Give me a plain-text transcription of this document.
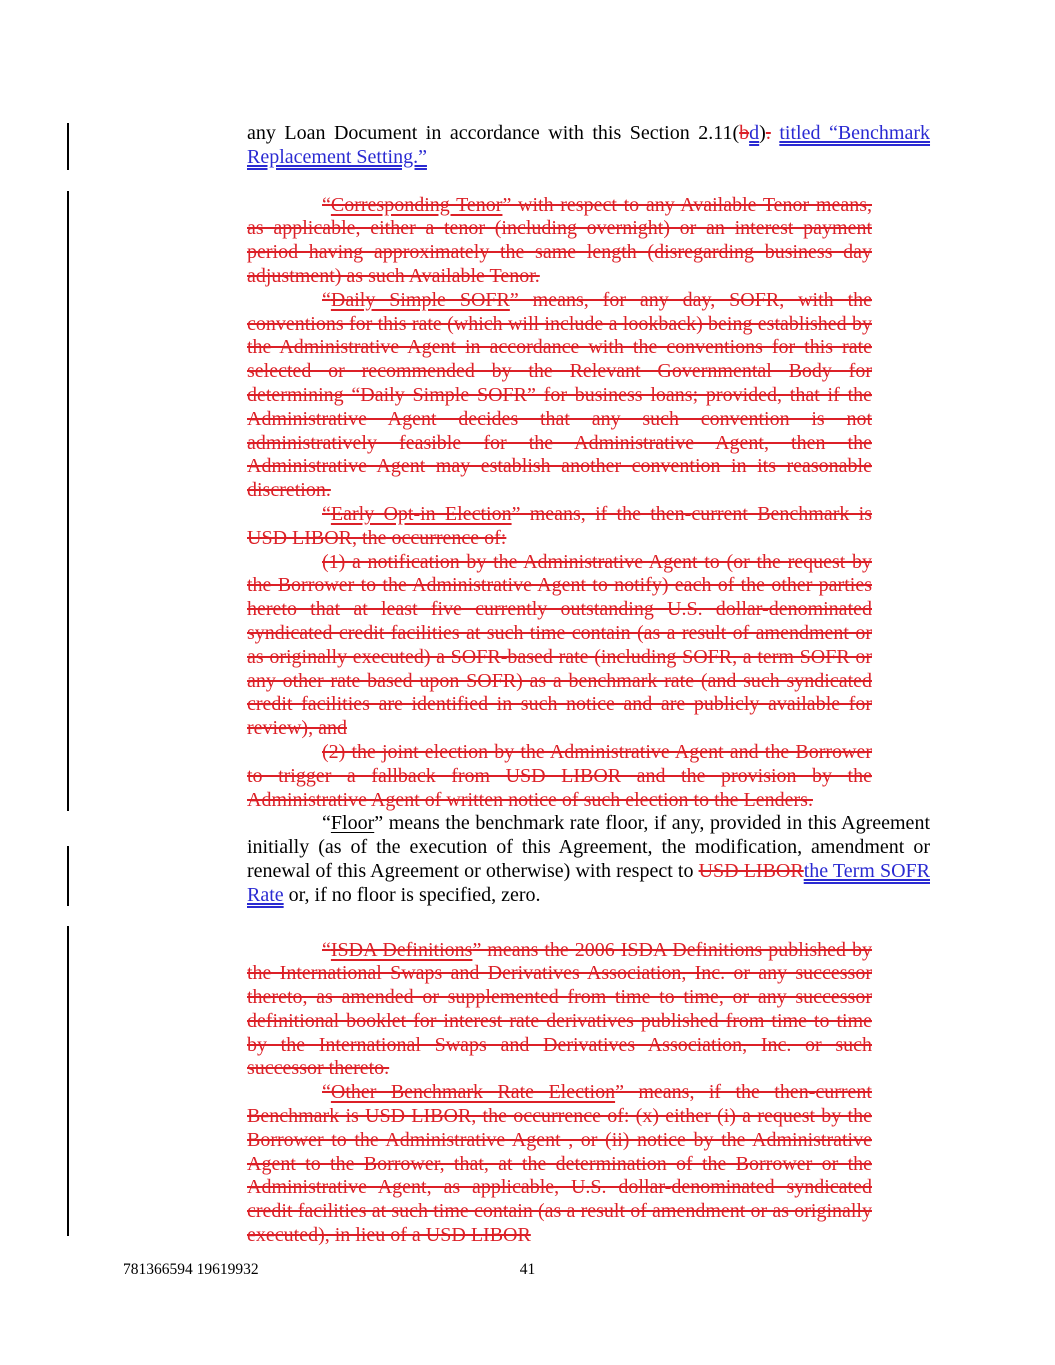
any Loan Document in accordance with this Section 2.11(bd). titled “Benchmark Replacement Setting.”

“Corresponding Tenor” with respect to any Available Tenor means, as applicable, either a tenor (including overnight) or an interest payment period having approximately the same length (disregarding business day adjustment) as such Available Tenor.

“Daily Simple SOFR” means, for any day, SOFR, with the conventions for this rate (which will include a lookback) being established by the Administrative Agent in accordance with the conventions for this rate selected or recommended by the Relevant Governmental Body for determining “Daily Simple SOFR” for business loans; provided, that if the Administrative Agent decides that any such convention is not administratively feasible for the Administrative Agent, then the Administrative Agent may establish another convention in its reasonable discretion.

“Early Opt-in Election” means, if the then-current Benchmark is USD LIBOR, the occurrence of:

(1) a notification by the Administrative Agent to (or the request by the Borrower to the Administrative Agent to notify) each of the other parties hereto that at least five currently outstanding U.S. dollar-denominated syndicated credit facilities at such time contain (as a result of amendment or as originally executed) a SOFR-based rate (including SOFR, a term SOFR or any other rate based upon SOFR) as a benchmark rate (and such syndicated credit facilities are identified in such notice and are publicly available for review), and

(2) the joint election by the Administrative Agent and the Borrower to trigger a fallback from USD LIBOR and the provision by the Administrative Agent of written notice of such election to the Lenders.

“Floor” means the benchmark rate floor, if any, provided in this Agreement initially (as of the execution of this Agreement, the modification, amendment or renewal of this Agreement or otherwise) with respect to USD LIBORthe Term SOFR Rate or, if no floor is specified, zero.

“ISDA Definitions” means the 2006 ISDA Definitions published by the International Swaps and Derivatives Association, Inc. or any successor thereto, as amended or supplemented from time to time, or any successor definitional booklet for interest rate derivatives published from time to time by the International Swaps and Derivatives Association, Inc. or such successor thereto.

“Other Benchmark Rate Election” means, if the then-current Benchmark is USD LIBOR, the occurrence of: (x) either (i) a request by the Borrower to the Administrative Agent , or (ii) notice by the Administrative Agent to the Borrower, that, at the determination of the Borrower or the Administrative Agent, as applicable, U.S. dollar-denominated syndicated credit facilities at such time contain (as a result of amendment or as originally executed), in lieu of a USD LIBOR

781366594 19619932	41
